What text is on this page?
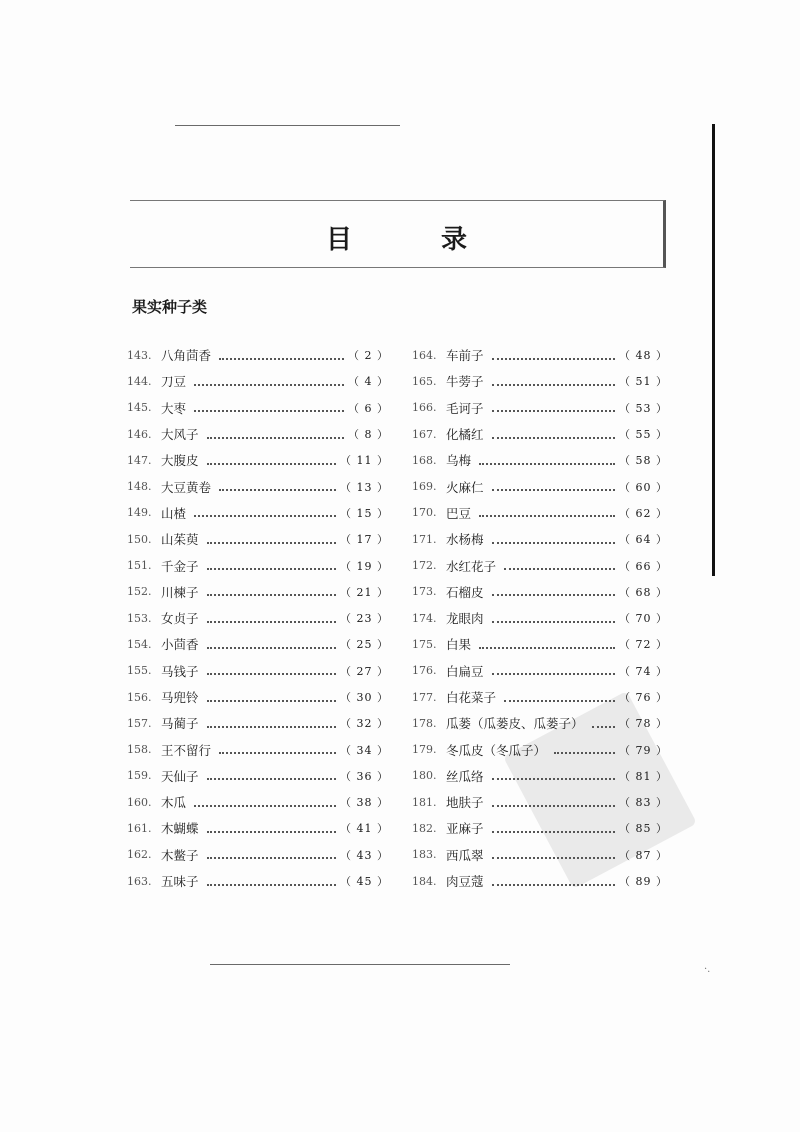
·.
目 录
果实种子类
143. 八角茴香	（ 2 ）
144. 刀豆	（ 4 ）
145. 大枣	（ 6 ）
146. 大风子	（ 8 ）
147. 大腹皮	（ 11 ）
148. 大豆黄卷	（ 13 ）
149. 山楂	（ 15 ）
150. 山茱萸	（ 17 ）
151. 千金子	（ 19 ）
152. 川楝子	（ 21 ）
153. 女贞子	（ 23 ）
154. 小茴香	（ 25 ）
155. 马钱子	（ 27 ）
156. 马兜铃	（ 30 ）
157. 马蔺子	（ 32 ）
158. 王不留行	（ 34 ）
159. 天仙子	（ 36 ）
160. 木瓜	（ 38 ）
161. 木蝴蝶	（ 41 ）
162. 木鳖子	（ 43 ）
163. 五味子	（ 45 ）
164. 车前子	（ 48 ）
165. 牛蒡子	（ 51 ）
166. 毛诃子	（ 53 ）
167. 化橘红	（ 55 ）
168. 乌梅	（ 58 ）
169. 火麻仁	（ 60 ）
170. 巴豆	（ 62 ）
171. 水杨梅	（ 64 ）
172. 水红花子	（ 66 ）
173. 石榴皮	（ 68 ）
174. 龙眼肉	（ 70 ）
175. 白果	（ 72 ）
176. 白扁豆	（ 74 ）
177. 白花菜子	（ 76 ）
178. 瓜蒌（瓜蒌皮、瓜蒌子）	（ 78 ）
179. 冬瓜皮（冬瓜子）	（ 79 ）
180. 丝瓜络	（ 81 ）
181. 地肤子	（ 83 ）
182. 亚麻子	（ 85 ）
183. 西瓜翠	（ 87 ）
184. 肉豆蔻	（ 89 ）
